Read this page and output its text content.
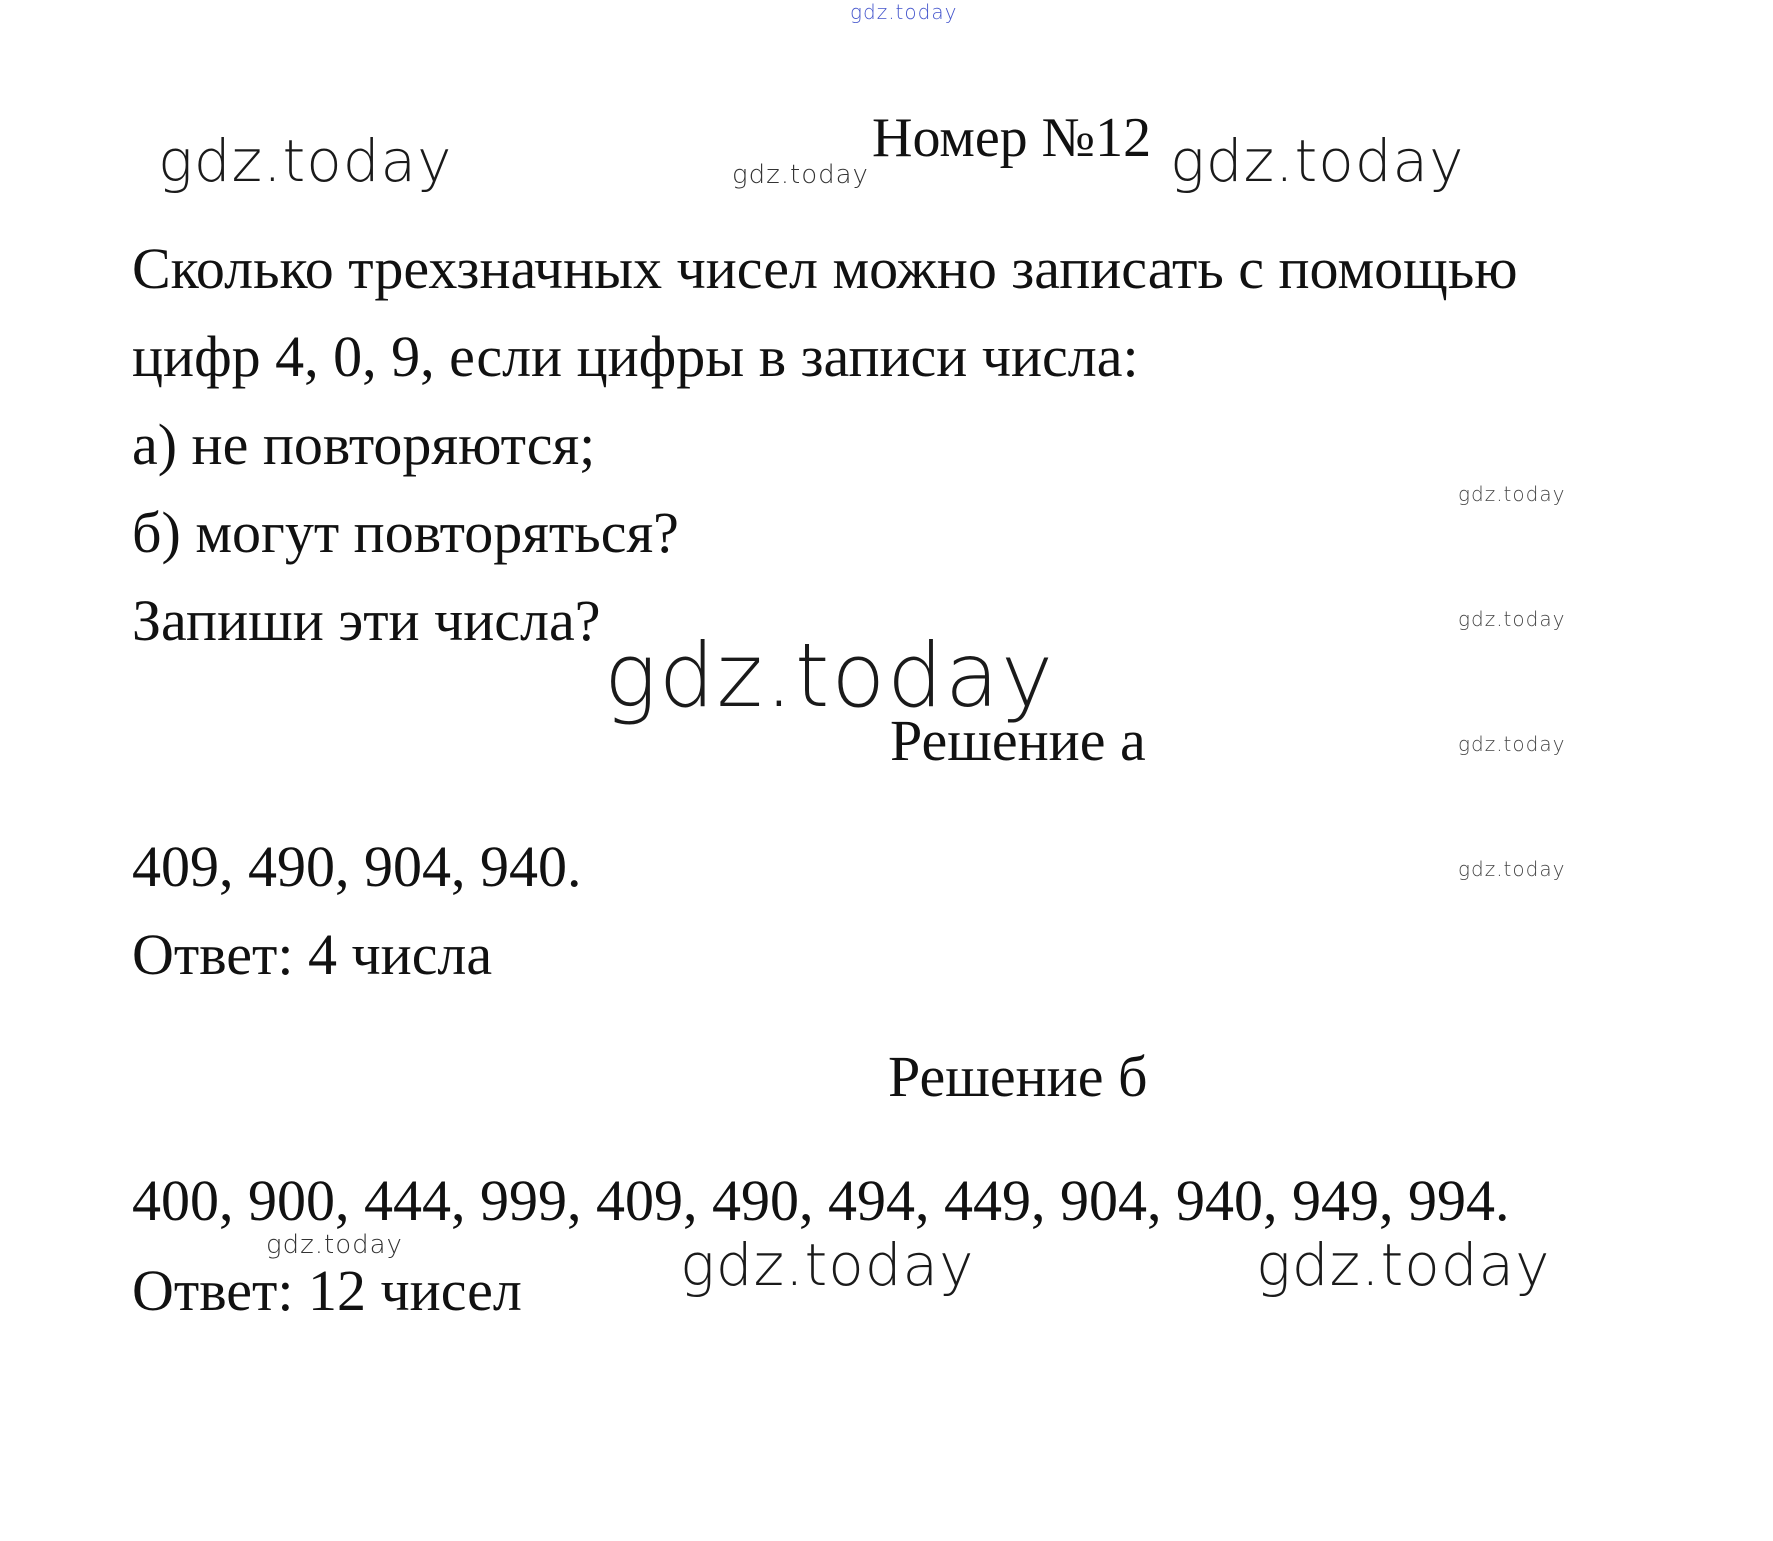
gdz.today
gdz.today	gdz.today	gdz.today
gdz.today
gdz.today
gdz.today
gdz.today
gdz.today
gdz.today	gdz.today	gdz.today
Номер №12
Сколько трехзначных чисел можно записать с помощью
цифр 4, 0, 9, если цифры в записи числа:
а) не повторяются;
б) могут повторяться?
Запиши эти числа?
Решение а
409, 490, 904, 940.
Ответ: 4 числа
Решение б
400, 900, 444, 999, 409, 490, 494, 449, 904, 940, 949, 994.
Ответ: 12 чисел
